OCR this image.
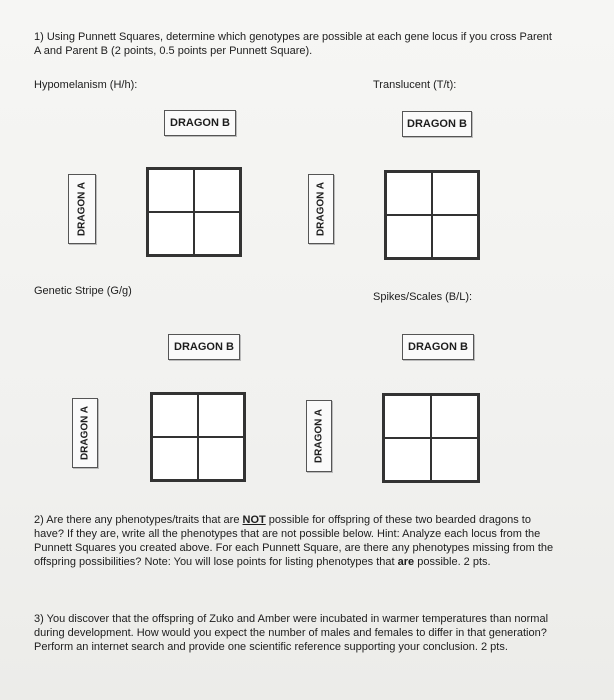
1) Using Punnett Squares, determine which genotypes are possible at each gene locus if you cross Parent A and Parent B (2 points, 0.5 points per Punnett Square).
Hypomelanism (H/h):	Translucent (T/t):
DRAGON B
DRAGON A
DRAGON B
DRAGON A
Genetic Stripe (G/g)	Spikes/Scales (B/L):
DRAGON B
DRAGON A
DRAGON B
DRAGON A
2) Are there any phenotypes/traits that are NOT possible for offspring of these two bearded dragons to have? If they are, write all the phenotypes that are not possible below. Hint: Analyze each locus from the Punnett Squares you created above. For each Punnett Square, are there any phenotypes missing from the offspring possibilities? Note: You will lose points for listing phenotypes that are possible. 2 pts.
3) You discover that the offspring of Zuko and Amber were incubated in warmer temperatures than normal during development. How would you expect the number of males and females to differ in that generation? Perform an internet search and provide one scientific reference supporting your conclusion. 2 pts.
